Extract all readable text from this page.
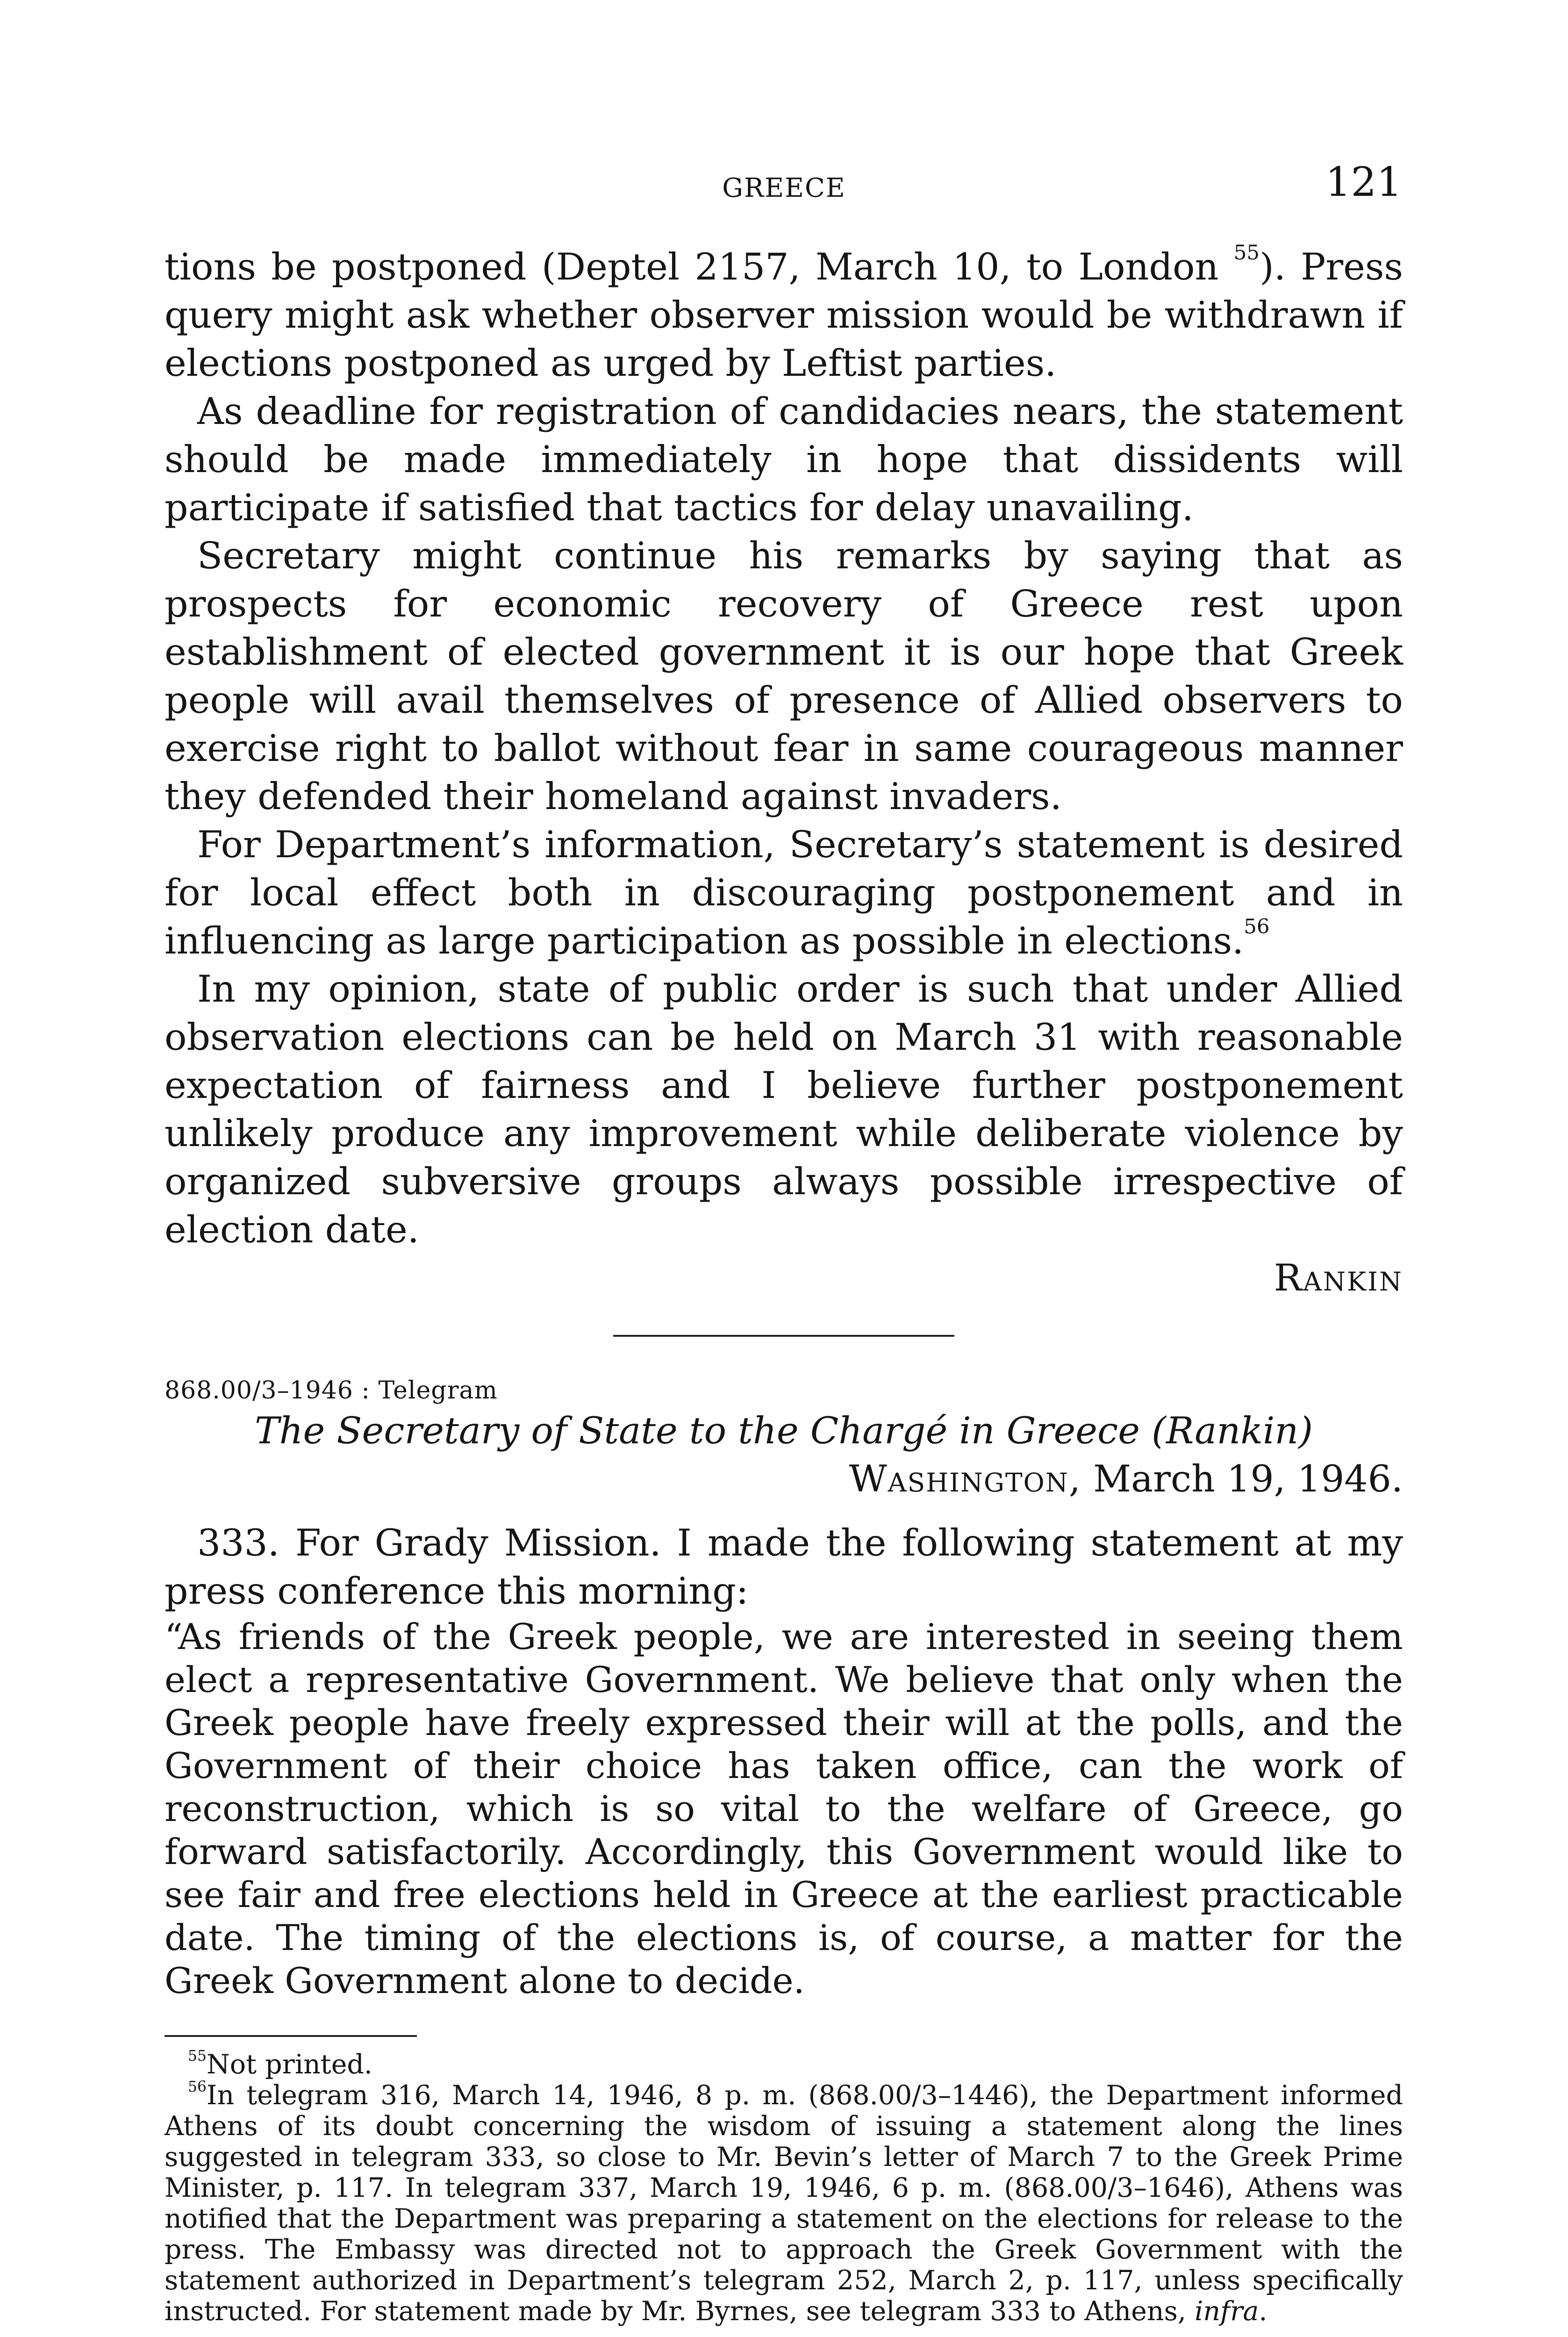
GREECE	121

tions be postponed (Deptel 2157, March 10, to London $^{55}$). Press query might ask whether observer mission would be withdrawn if elections postponed as urged by Leftist parties.

As deadline for registration of candidacies nears, the statement should be made immediately in hope that dissidents will participate if satisfied that tactics for delay unavailing.

Secretary might continue his remarks by saying that as prospects for economic recovery of Greece rest upon establishment of elected government it is our hope that Greek people will avail themselves of presence of Allied observers to exercise right to ballot without fear in same courageous manner they defended their homeland against invaders.

For Department’s information, Secretary’s statement is desired for local effect both in discouraging postponement and in influencing as large participation as possible in elections.$^{56}$

In my opinion, state of public order is such that under Allied observation elections can be held on March 31 with reasonable expectation of fairness and I believe further postponement unlikely produce any improvement while deliberate violence by organized subversive groups always possible irrespective of election date.

Rankin

868.00/3–1946 : Telegram

The Secretary of State to the Chargé in Greece (Rankin)

Washington, March 19, 1946.

333. For Grady Mission. I made the following statement at my press conference this morning:

“As friends of the Greek people, we are interested in seeing them elect a representative Government. We believe that only when the Greek people have freely expressed their will at the polls, and the Government of their choice has taken office, can the work of reconstruction, which is so vital to the welfare of Greece, go forward satisfactorily. Accordingly, this Government would like to see fair and free elections held in Greece at the earliest practicable date. The timing of the elections is, of course, a matter for the Greek Government alone to decide.

$^{55}$Not printed.

$^{56}$In telegram 316, March 14, 1946, 8 p. m. (868.00/3–1446), the Department informed Athens of its doubt concerning the wisdom of issuing a statement along the lines suggested in telegram 333, so close to Mr. Bevin’s letter of March 7 to the Greek Prime Minister, p. 117. In telegram 337, March 19, 1946, 6 p. m. (868.00/3–1646), Athens was notified that the Department was preparing a statement on the elections for release to the press. The Embassy was directed not to approach the Greek Government with the statement authorized in Department’s telegram 252, March 2, p. 117, unless specifically instructed. For statement made by Mr. Byrnes, see telegram 333 to Athens, infra.
